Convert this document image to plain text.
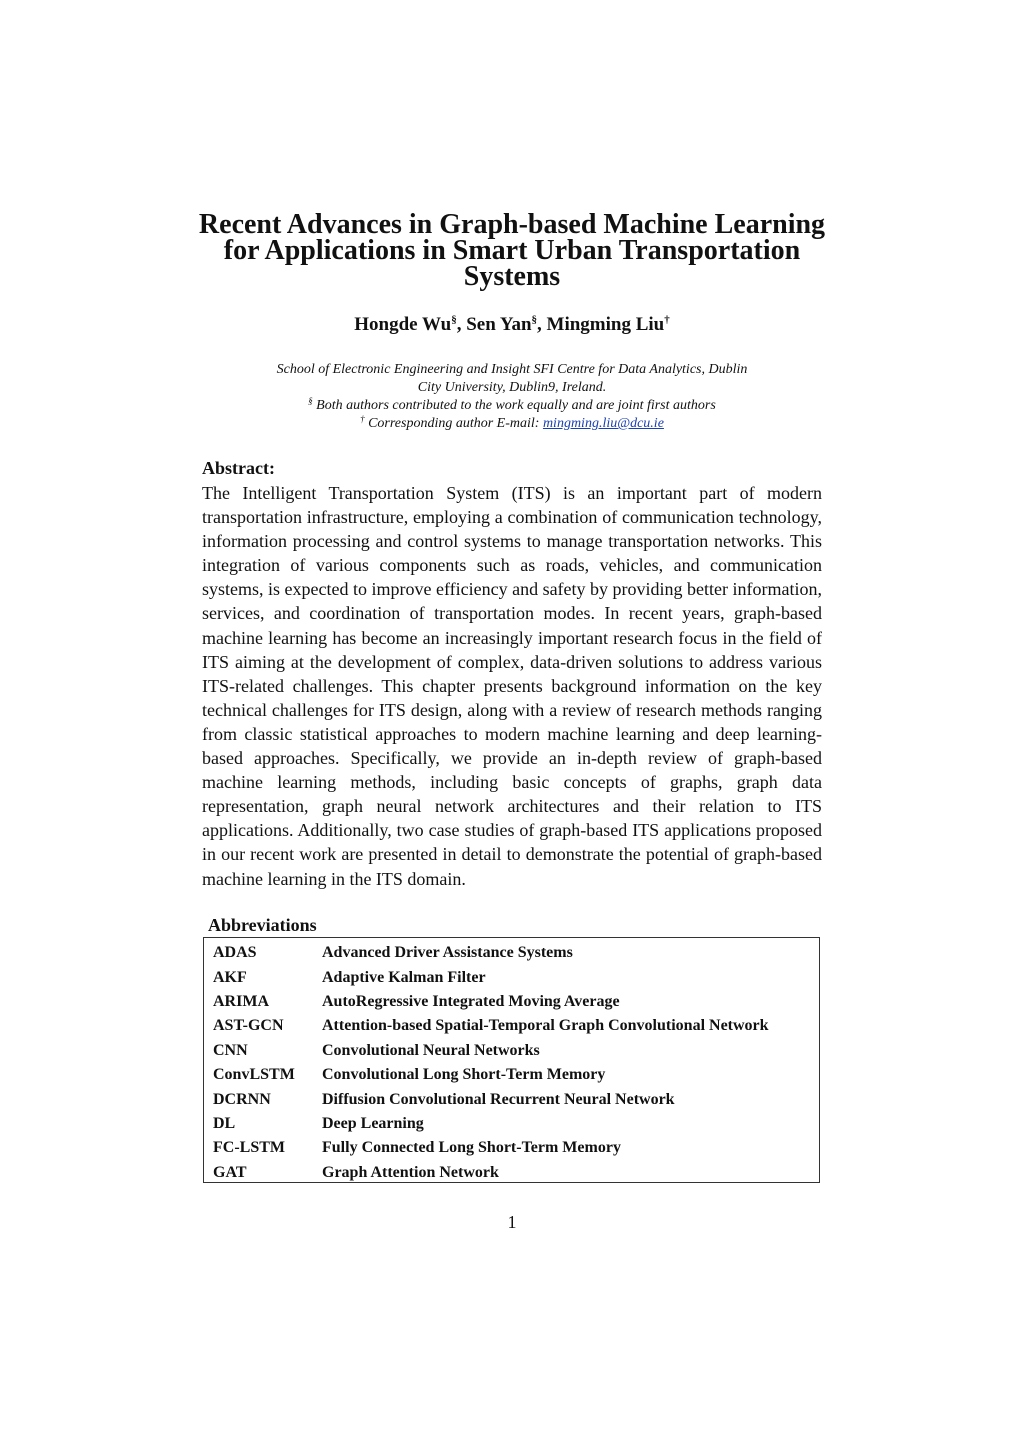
Recent Advances in Graph-based Machine Learning
for Applications in Smart Urban Transportation
Systems
Hongde Wu§, Sen Yan§, Mingming Liu†
School of Electronic Engineering and Insight SFI Centre for Data Analytics, Dublin
City University, Dublin9, Ireland.
§ Both authors contributed to the work equally and are joint first authors
† Corresponding author E-mail: mingming.liu@dcu.ie
Abstract:

The Intelligent Transportation System (ITS) is an important part of modern transportation infrastructure, employing a combination of communication technology, information processing and control systems to manage transportation networks. This integration of various components such as roads, vehicles, and communication systems, is expected to improve efficiency and safety by providing better information, services, and coordination of transportation modes. In recent years, graph-based machine learning has become an increasingly important research focus in the field of ITS aiming at the development of complex, data-driven solutions to address various ITS-related challenges. This chapter presents background information on the key technical challenges for ITS design, along with a review of research methods ranging from classic statistical approaches to modern machine learning and deep learning-based approaches. Specifically, we provide an in-depth review of graph-based machine learning methods, including basic concepts of graphs, graph data representation, graph neural network architectures and their relation to ITS applications. Additionally, two case studies of graph-based ITS applications proposed in our recent work are presented in detail to demonstrate the potential of graph-based machine learning in the ITS domain.

Abbreviations
ADAS	Advanced Driver Assistance Systems
AKF	Adaptive Kalman Filter
ARIMA	AutoRegressive Integrated Moving Average
AST-GCN	Attention-based Spatial-Temporal Graph Convolutional Network
CNN	Convolutional Neural Networks
ConvLSTM	Convolutional Long Short-Term Memory
DCRNN	Diffusion Convolutional Recurrent Neural Network
DL	Deep Learning
FC-LSTM	Fully Connected Long Short-Term Memory
GAT	Graph Attention Network
1
